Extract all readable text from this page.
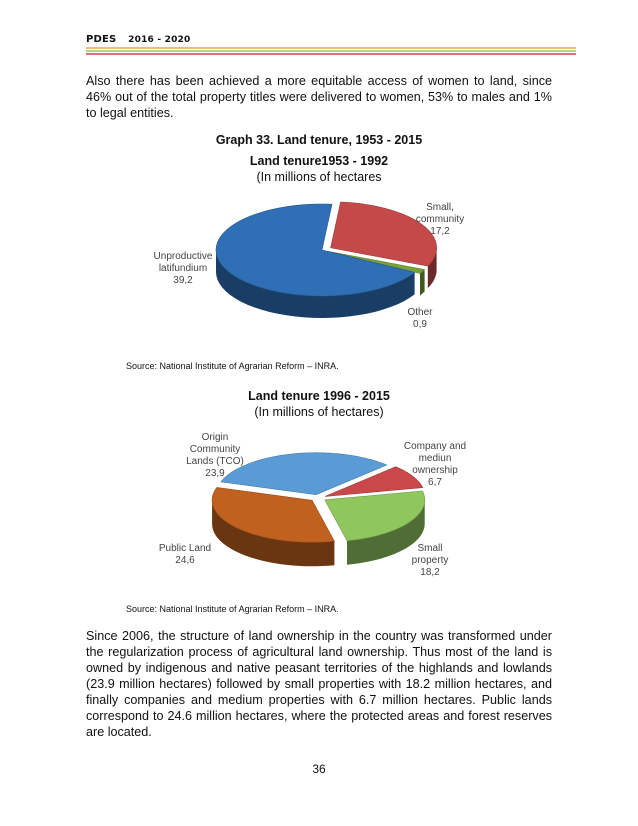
PDES 2016 - 2020
Also there has been achieved a more equitable access of women to land, since 46% out of the total property titles were delivered to women, 53% to males and 1% to legal entities.
Graph 33. Land tenure, 1953 - 2015
Land tenure1953 - 1992
(In millions of hectares
Small,
community
17,2
Other
0,9
Unproductive
latifundium
39,2
Source: National Institute of Agrarian Reform – INRA.
Land tenure 1996 - 2015
(In millions of hectares)
Company and
mediun
ownership
6,7
Small
property
18,2
Public Land
24,6
Origin
Community
Lands (TCO)
23,9
Source: National Institute of Agrarian Reform – INRA.
Since 2006, the structure of land ownership in the country was transformed under the regularization process of agricultural land ownership. Thus most of the land is owned by indigenous and native peasant territories of the highlands and lowlands (23.9 million hectares) followed by small properties with 18.2 million hectares, and finally companies and medium properties with 6.7 million hectares. Public lands correspond to 24.6 million hectares, where the protected areas and forest reserves are located.
36
